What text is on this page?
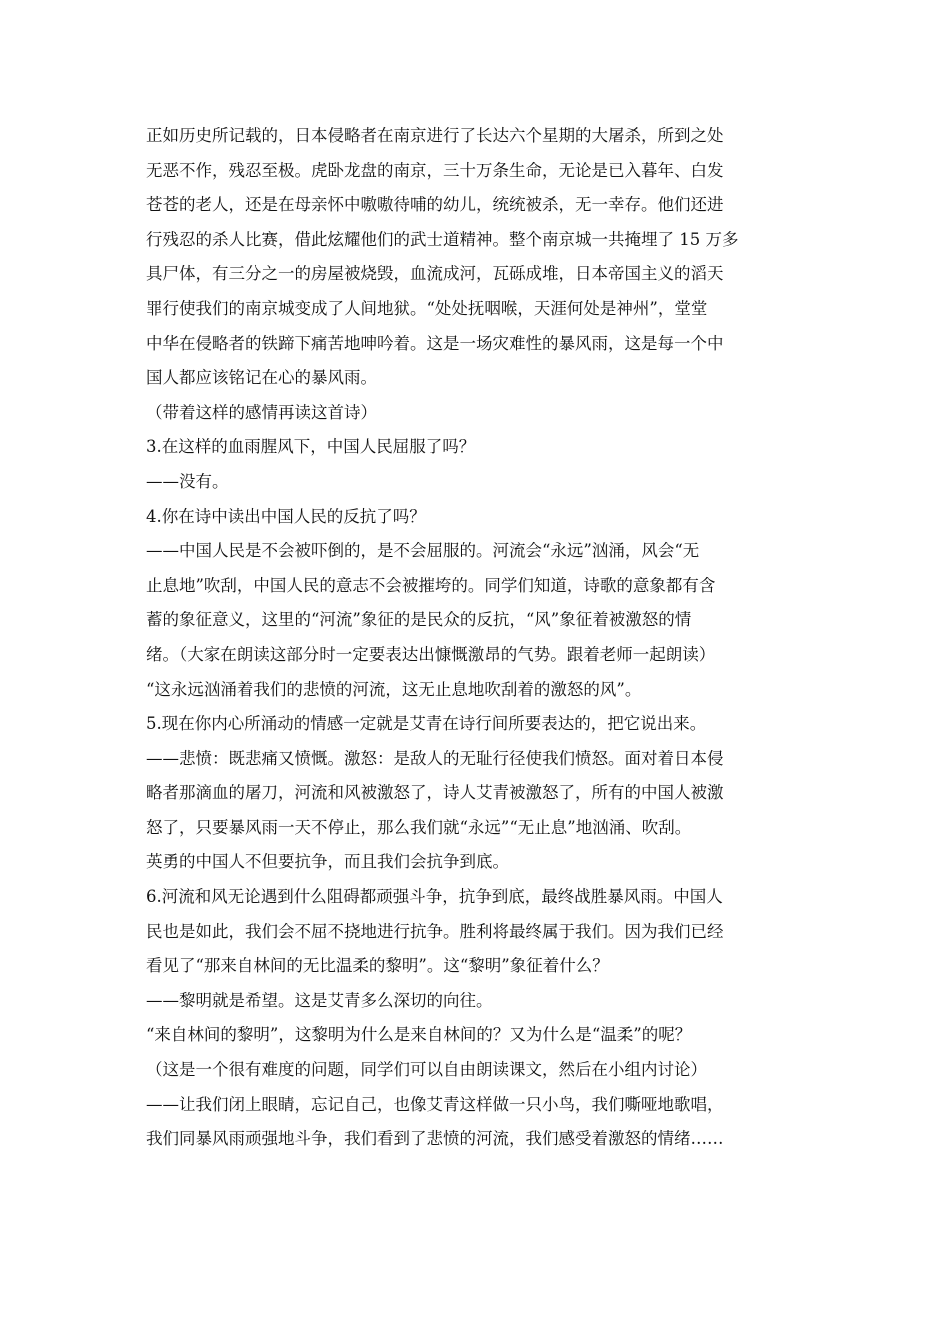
正如历史所记载的，日本侵略者在南京进行了长达六个星期的大屠杀，所到之处
无恶不作，残忍至极。虎卧龙盘的南京，三十万条生命，无论是已入暮年、白发
苍苍的老人，还是在母亲怀中嗷嗷待哺的幼儿，统统被杀，无一幸存。他们还进
行残忍的杀人比赛，借此炫耀他们的武士道精神。整个南京城一共掩埋了 15 万多
具尸体，有三分之一的房屋被烧毁，血流成河，瓦砾成堆，日本帝国主义的滔天
罪行使我们的南京城变成了人间地狱。“处处抚咽喉，天涯何处是神州”，堂堂
中华在侵略者的铁蹄下痛苦地呻吟着。这是一场灾难性的暴风雨，这是每一个中
国人都应该铭记在心的暴风雨。
（带着这样的感情再读这首诗）
3.在这样的血雨腥风下，中国人民屈服了吗？
——没有。
4.你在诗中读出中国人民的反抗了吗？
——中国人民是不会被吓倒的，是不会屈服的。河流会“永远”汹涌，风会“无
止息地”吹刮，中国人民的意志不会被摧垮的。同学们知道，诗歌的意象都有含
蓄的象征意义，这里的“河流”象征的是民众的反抗，“风”象征着被激怒的情
绪。（大家在朗读这部分时一定要表达出慷慨激昂的气势。跟着老师一起朗读）
“这永远汹涌着我们的悲愤的河流，这无止息地吹刮着的激怒的风”。
5.现在你内心所涌动的情感一定就是艾青在诗行间所要表达的，把它说出来。
——悲愤：既悲痛又愤慨。激怒：是敌人的无耻行径使我们愤怒。面对着日本侵
略者那滴血的屠刀，河流和风被激怒了，诗人艾青被激怒了，所有的中国人被激
怒了，只要暴风雨一天不停止，那么我们就“永远”“无止息”地汹涌、吹刮。
英勇的中国人不但要抗争，而且我们会抗争到底。
6.河流和风无论遇到什么阻碍都顽强斗争，抗争到底，最终战胜暴风雨。中国人
民也是如此，我们会不屈不挠地进行抗争。胜利将最终属于我们。因为我们已经
看见了“那来自林间的无比温柔的黎明”。这“黎明”象征着什么？
——黎明就是希望。这是艾青多么深切的向往。
“来自林间的黎明”，这黎明为什么是来自林间的？又为什么是“温柔”的呢？
（这是一个很有难度的问题，同学们可以自由朗读课文，然后在小组内讨论）
——让我们闭上眼睛，忘记自己，也像艾青这样做一只小鸟，我们嘶哑地歌唱，
我们同暴风雨顽强地斗争，我们看到了悲愤的河流，我们感受着激怒的情绪……
